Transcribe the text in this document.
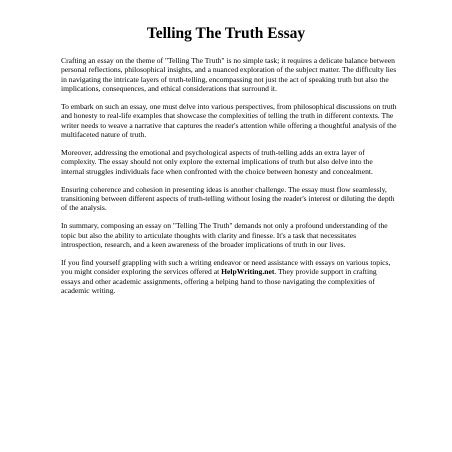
Telling The Truth Essay

Crafting an essay on the theme of "Telling The Truth" is no simple task; it requires a delicate balance between personal reflections, philosophical insights, and a nuanced exploration of the subject matter. The difficulty lies in navigating the intricate layers of truth-telling, encompassing not just the act of speaking truth but also the implications, consequences, and ethical considerations that surround it.

To embark on such an essay, one must delve into various perspectives, from philosophical discussions on truth and honesty to real-life examples that showcase the complexities of telling the truth in different contexts. The writer needs to weave a narrative that captures the reader's attention while offering a thoughtful analysis of the multifaceted nature of truth.

Moreover, addressing the emotional and psychological aspects of truth-telling adds an extra layer of complexity. The essay should not only explore the external implications of truth but also delve into the internal struggles individuals face when confronted with the choice between honesty and concealment.

Ensuring coherence and cohesion in presenting ideas is another challenge. The essay must flow seamlessly, transitioning between different aspects of truth-telling without losing the reader's interest or diluting the depth of the analysis.

In summary, composing an essay on "Telling The Truth" demands not only a profound understanding of the topic but also the ability to articulate thoughts with clarity and finesse. It's a task that necessitates introspection, research, and a keen awareness of the broader implications of truth in our lives.

If you find yourself grappling with such a writing endeavor or need assistance with essays on various topics, you might consider exploring the services offered at HelpWriting.net. They provide support in crafting essays and other academic assignments, offering a helping hand to those navigating the complexities of academic writing.
